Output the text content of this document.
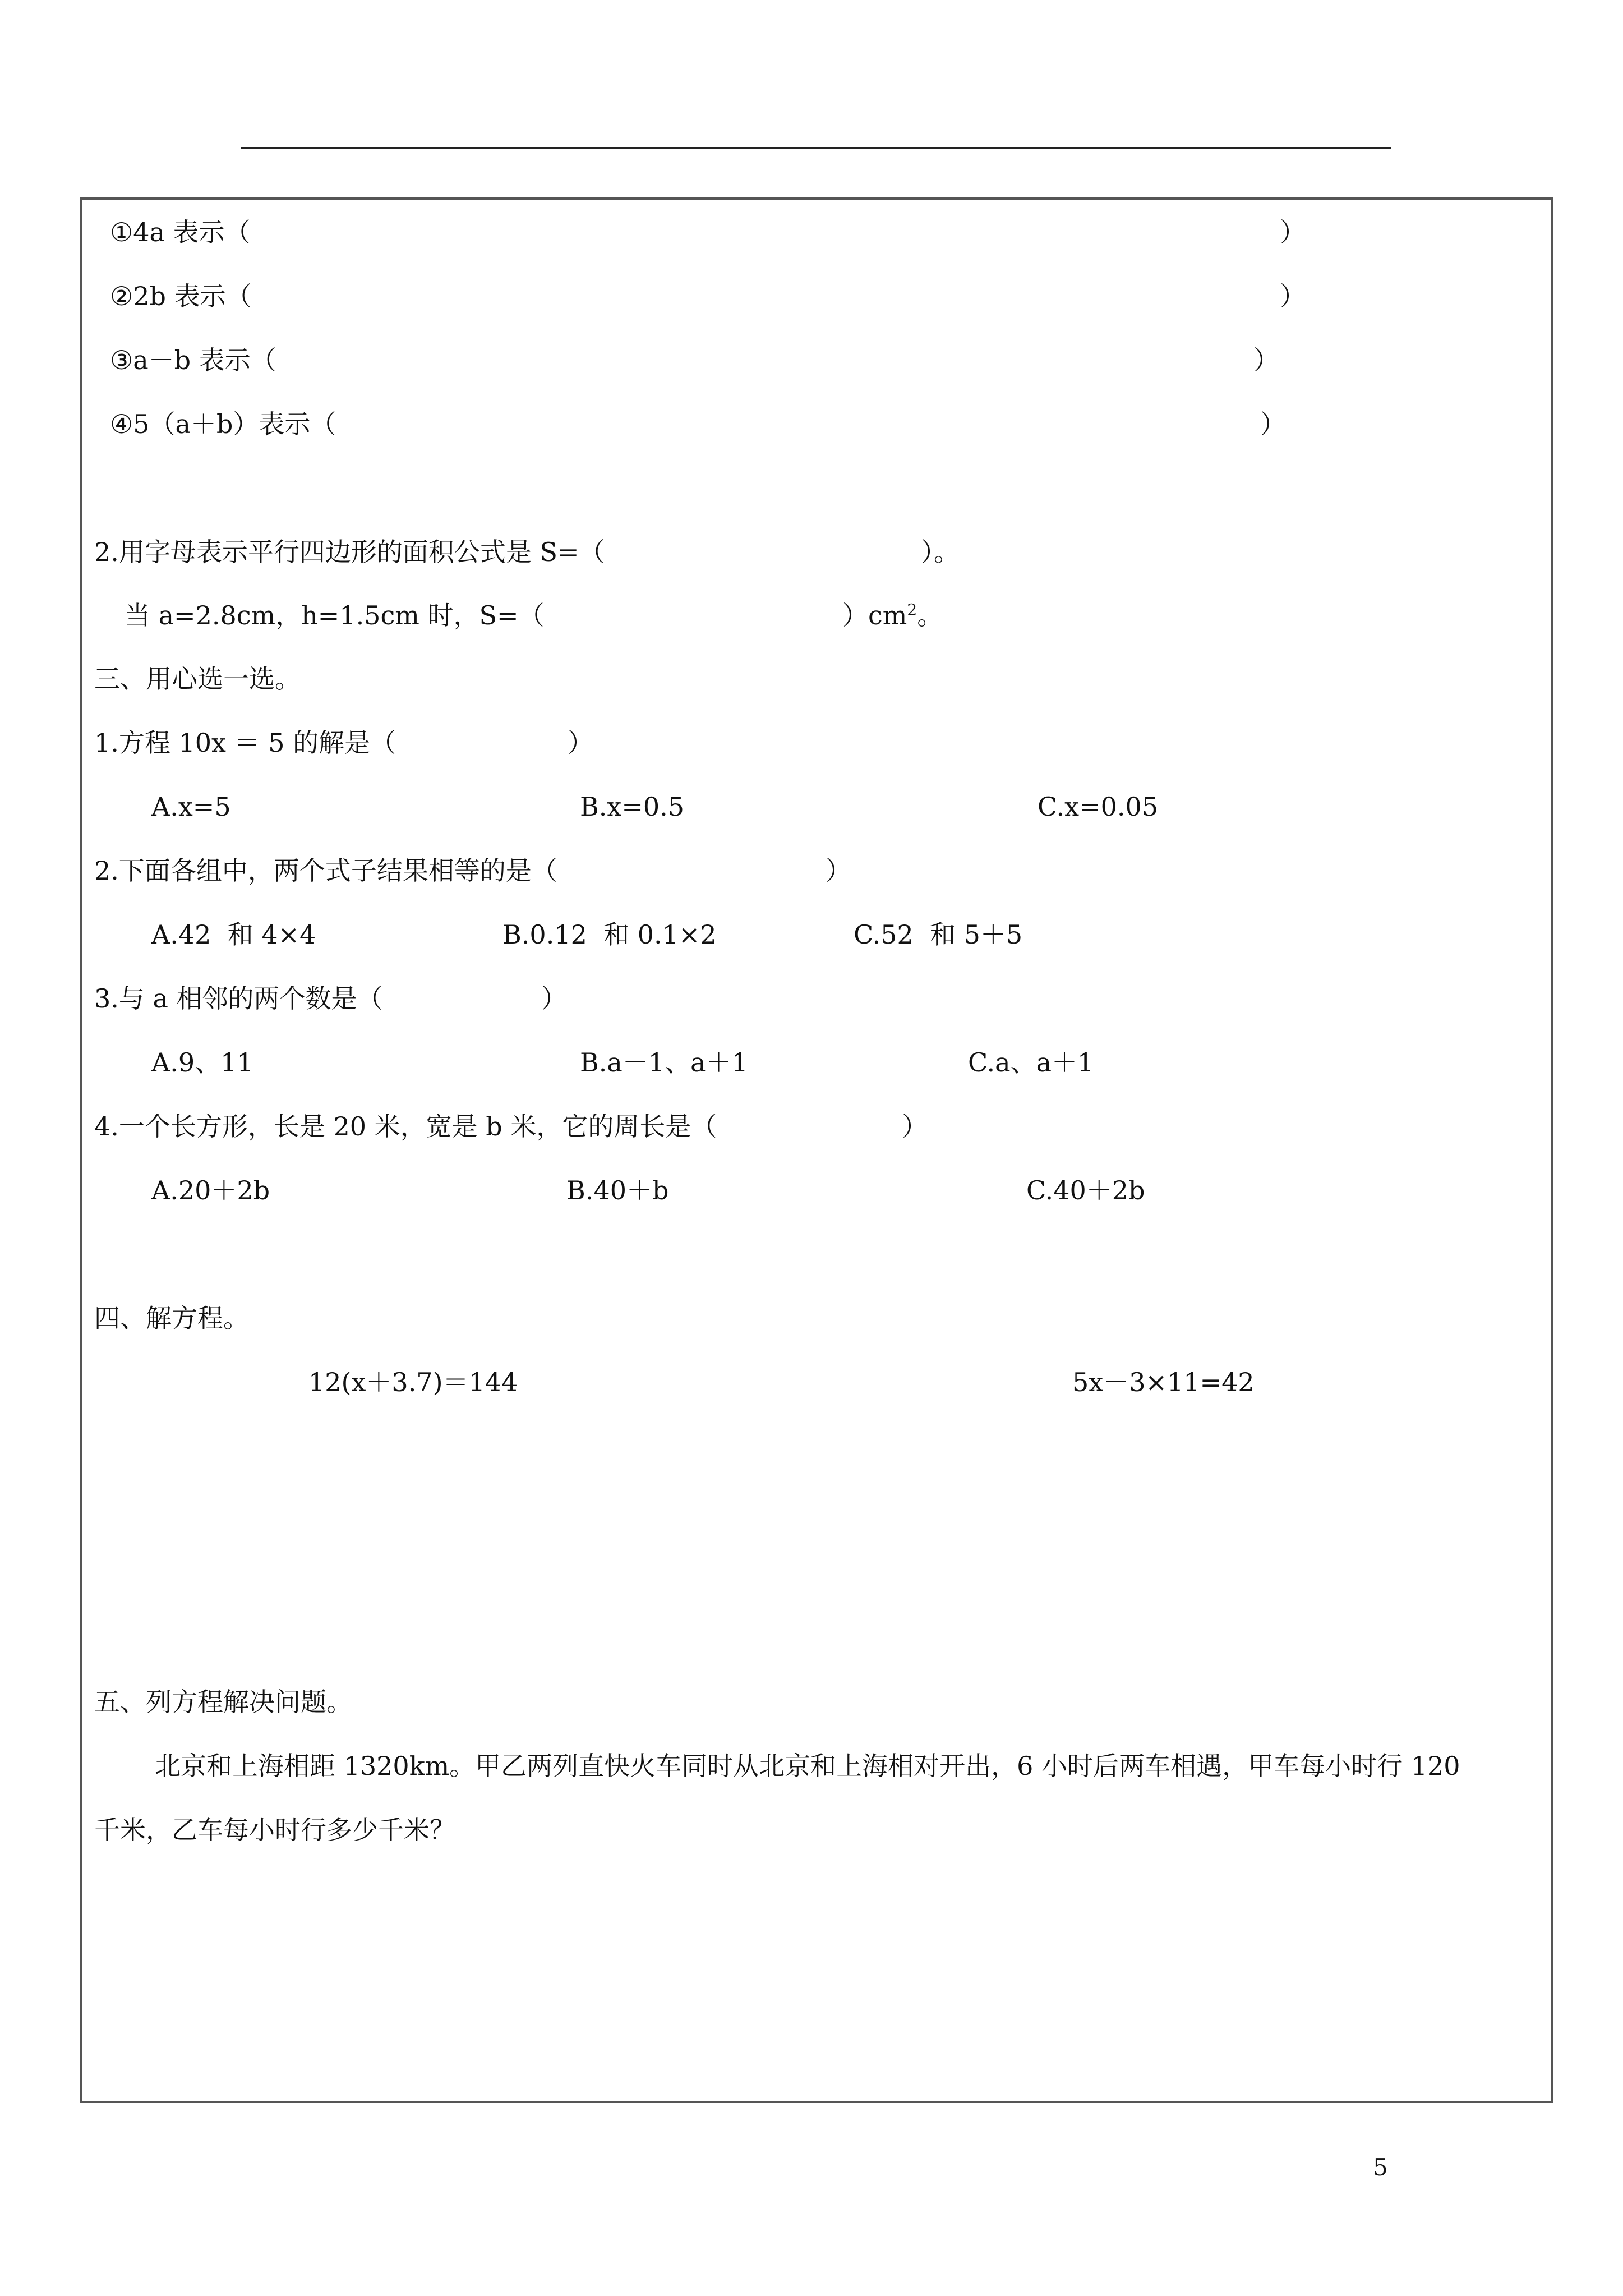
①4a 表示（	）
②2b 表示（	）
③a－b 表示（	）
④5（a＋b）表示（	）
2.用字母表示平行四边形的面积公式是 S=（	）。
当 a=2.8cm，h=1.5cm 时，S=（	）$cm^2$。
三、用心选一选。
1.方程 10x ＝ 5 的解是（	）
A.x=5	B.x=0.5	C.x=0.05
2.下面各组中，两个式子结果相等的是（	）
A.42  和 4×4	B.0.12  和 0.1×2	C.52  和 5＋5
3.与 a 相邻的两个数是（	）
A.9、11	B.a－1、a＋1	C.a、a＋1
4.一个长方形，长是 20 米，宽是 b 米，它的周长是（	）
A.20＋2b	B.40＋b	C.40＋2b
四、解方程。
12(x＋3.7)＝144	5x－3×11=42
五、列方程解决问题。
北京和上海相距 1320km。甲乙两列直快火车同时从北京和上海相对开出，6 小时后两车相遇，甲车每小时行 120
千米，乙车每小时行多少千米？
5
